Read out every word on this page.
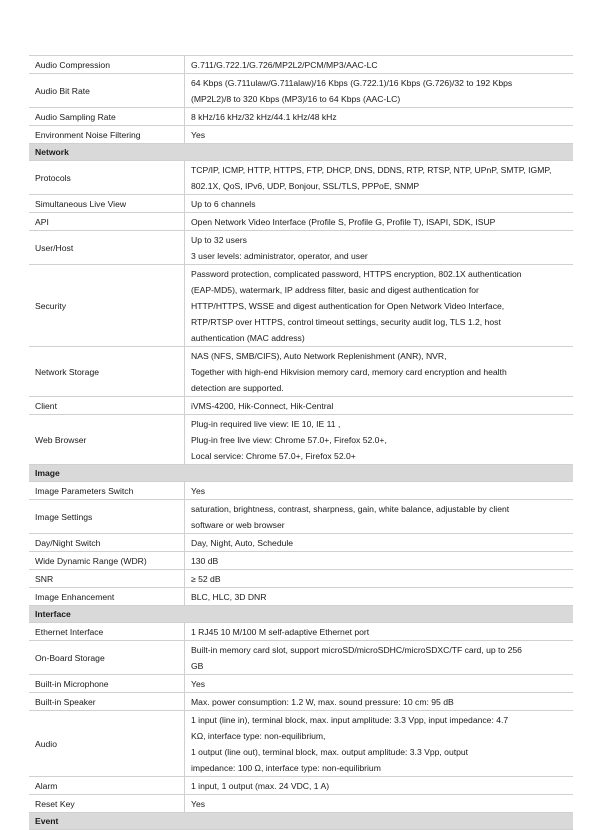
Audio Compression	G.711/G.722.1/G.726/MP2L2/PCM/MP3/AAC-LC

Audio Bit Rate	64 Kbps (G.711ulaw/G.711alaw)/16 Kbps (G.722.1)/16 Kbps (G.726)/32 to 192 Kbps
(MP2L2)/8 to 320 Kbps (MP3)/16 to 64 Kbps (AAC-LC)

Audio Sampling Rate	8 kHz/16 kHz/32 kHz/44.1 kHz/48 kHz

Environment Noise Filtering	Yes

Network	
Protocols	TCP/IP, ICMP, HTTP, HTTPS, FTP, DHCP, DNS, DDNS, RTP, RTSP, NTP, UPnP, SMTP, IGMP,
802.1X, QoS, IPv6, UDP, Bonjour, SSL/TLS, PPPoE, SNMP

Simultaneous Live View	Up to 6 channels

API	Open Network Video Interface (Profile S, Profile G, Profile T), ISAPI, SDK, ISUP

User/Host	Up to 32 users
3 user levels: administrator, operator, and user

Security	Password protection, complicated password, HTTPS encryption, 802.1X authentication
(EAP-MD5), watermark, IP address filter, basic and digest authentication for
HTTP/HTTPS, WSSE and digest authentication for Open Network Video Interface,
RTP/RTSP over HTTPS, control timeout settings, security audit log, TLS 1.2, host
authentication (MAC address)

Network Storage	NAS (NFS, SMB/CIFS), Auto Network Replenishment (ANR), NVR,
Together with high-end Hikvision memory card, memory card encryption and health
detection are supported.

Client	iVMS-4200, Hik-Connect, Hik-Central

Web Browser	Plug-in required live view: IE 10, IE 11 ,
Plug-in free live view: Chrome 57.0+, Firefox 52.0+,
Local service: Chrome 57.0+, Firefox 52.0+

Image	
Image Parameters Switch	Yes

Image Settings	saturation, brightness, contrast, sharpness, gain, white balance, adjustable by client
software or web browser

Day/Night Switch	Day, Night, Auto, Schedule

Wide Dynamic Range (WDR)	130 dB

SNR	≥ 52 dB

Image Enhancement	BLC, HLC, 3D DNR

Interface	
Ethernet Interface	1 RJ45 10 M/100 M self-adaptive Ethernet port

On-Board Storage	Built-in memory card slot, support microSD/microSDHC/microSDXC/TF card, up to 256
GB

Built-in Microphone	Yes

Built-in Speaker	Max. power consumption: 1.2 W, max. sound pressure: 10 cm: 95 dB

Audio	1 input (line in), terminal block, max. input amplitude: 3.3 Vpp, input impedance: 4.7
KΩ, interface type: non-equilibrium,
1 output (line out), terminal block, max. output amplitude: 3.3 Vpp, output
impedance: 100 Ω, interface type: non-equilibrium

Alarm	1 input, 1 output (max. 24 VDC, 1 A)

Reset Key	Yes

Event	
